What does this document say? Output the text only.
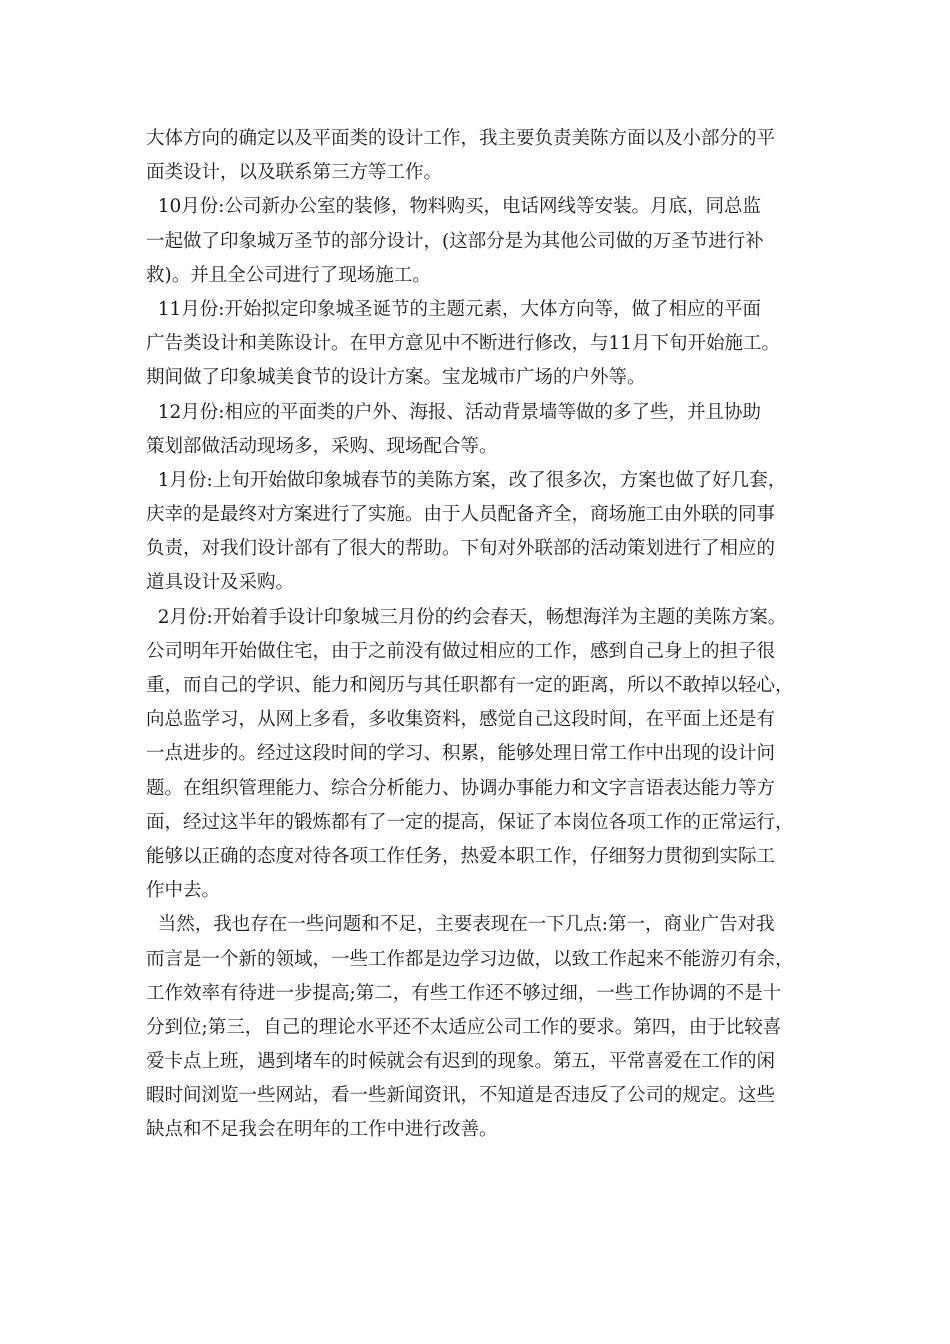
大体方向的确定以及平面类的设计工作，我主要负责美陈方面以及小部分的平
面类设计，以及联系第三方等工作。
10月份:公司新办公室的装修，物料购买，电话网线等安装。月底，同总监
一起做了印象城万圣节的部分设计，(这部分是为其他公司做的万圣节进行补
救)。并且全公司进行了现场施工。
11月份:开始拟定印象城圣诞节的主题元素，大体方向等，做了相应的平面
广告类设计和美陈设计。在甲方意见中不断进行修改，与11月下旬开始施工。
期间做了印象城美食节的设计方案。宝龙城市广场的户外等。
12月份:相应的平面类的户外、海报、活动背景墙等做的多了些，并且协助
策划部做活动现场多，采购、现场配合等。
1月份:上旬开始做印象城春节的美陈方案，改了很多次，方案也做了好几套，
庆幸的是最终对方案进行了实施。由于人员配备齐全，商场施工由外联的同事
负责，对我们设计部有了很大的帮助。下旬对外联部的活动策划进行了相应的
道具设计及采购。
2月份:开始着手设计印象城三月份的约会春天，畅想海洋为主题的美陈方案。
公司明年开始做住宅，由于之前没有做过相应的工作，感到自己身上的担子很
重，而自己的学识、能力和阅历与其任职都有一定的距离，所以不敢掉以轻心，
向总监学习，从网上多看，多收集资料，感觉自己这段时间，在平面上还是有
一点进步的。经过这段时间的学习、积累，能够处理日常工作中出现的设计问
题。在组织管理能力、综合分析能力、协调办事能力和文字言语表达能力等方
面，经过这半年的锻炼都有了一定的提高，保证了本岗位各项工作的正常运行，
能够以正确的态度对待各项工作任务，热爱本职工作，仔细努力贯彻到实际工
作中去。
当然，我也存在一些问题和不足，主要表现在一下几点:第一，商业广告对我
而言是一个新的领域，一些工作都是边学习边做，以致工作起来不能游刃有余，
工作效率有待进一步提高;第二，有些工作还不够过细，一些工作协调的不是十
分到位;第三，自己的理论水平还不太适应公司工作的要求。第四，由于比较喜
爱卡点上班，遇到堵车的时候就会有迟到的现象。第五，平常喜爱在工作的闲
暇时间浏览一些网站，看一些新闻资讯，不知道是否违反了公司的规定。这些
缺点和不足我会在明年的工作中进行改善。
